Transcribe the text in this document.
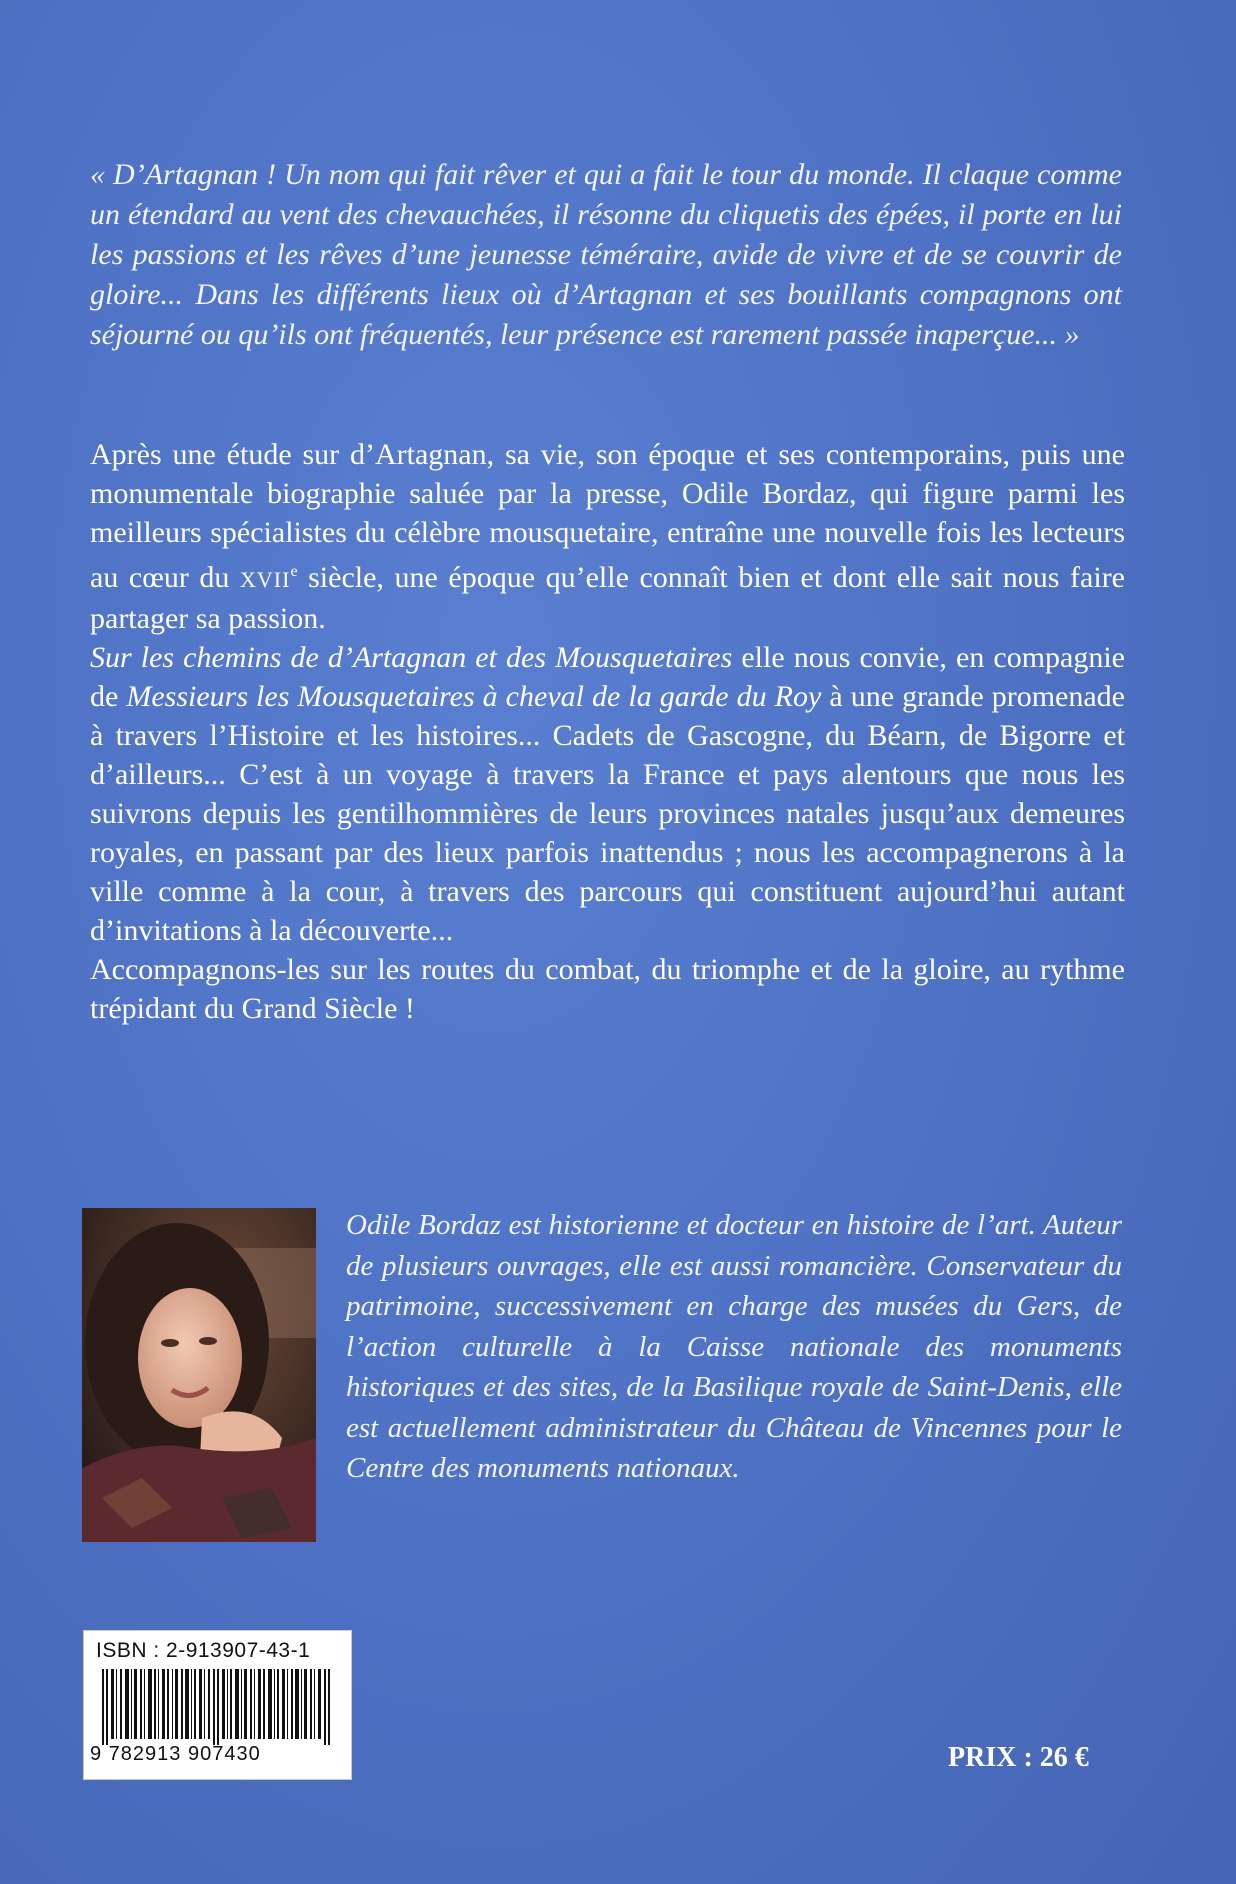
« D’Artagnan ! Un nom qui fait rêver et qui a fait le tour du monde. Il claque comme un étendard au vent des chevauchées, il résonne du cliquetis des épées, il porte en lui les passions et les rêves d’une jeunesse téméraire, avide de vivre et de se couvrir de gloire... Dans les différents lieux où d’Artagnan et ses bouillants compagnons ont séjourné ou qu’ils ont fréquentés, leur présence est rarement passée inaperçue... »

Après une étude sur d’Artagnan, sa vie, son époque et ses contemporains, puis une monumentale biographie saluée par la presse, Odile Bordaz, qui figure parmi les meilleurs spécialistes du célèbre mousquetaire, entraîne une nouvelle fois les lecteurs au cœur du XVIIe siècle, une époque qu’elle connaît bien et dont elle sait nous faire partager sa passion.

Sur les chemins de d’Artagnan et des Mousquetaires elle nous convie, en compagnie de Messieurs les Mousquetaires à cheval de la garde du Roy à une grande promenade à travers l’Histoire et les histoires... Cadets de Gascogne, du Béarn, de Bigorre et d’ailleurs... C’est à un voyage à travers la France et pays alentours que nous les suivrons depuis les gentilhommières de leurs provinces natales jusqu’aux demeures royales, en passant par des lieux parfois inattendus ; nous les accompagnerons à la ville comme à la cour, à travers des parcours qui constituent aujourd’hui autant d’invitations à la découverte...

Accompagnons-les sur les routes du combat, du triomphe et de la gloire, au rythme trépidant du Grand Siècle !

Odile Bordaz est historienne et docteur en histoire de l’art. Auteur de plusieurs ouvrages, elle est aussi romancière. Conservateur du patrimoine, successivement en charge des musées du Gers, de l’action culturelle à la Caisse nationale des monuments historiques et des sites, de la Basilique royale de Saint-Denis, elle est actuellement administrateur du Château de Vincennes pour le Centre des monuments nationaux.
ISBN : 2-913907-43-1
9 782913 907430	PRIX : 26 €
